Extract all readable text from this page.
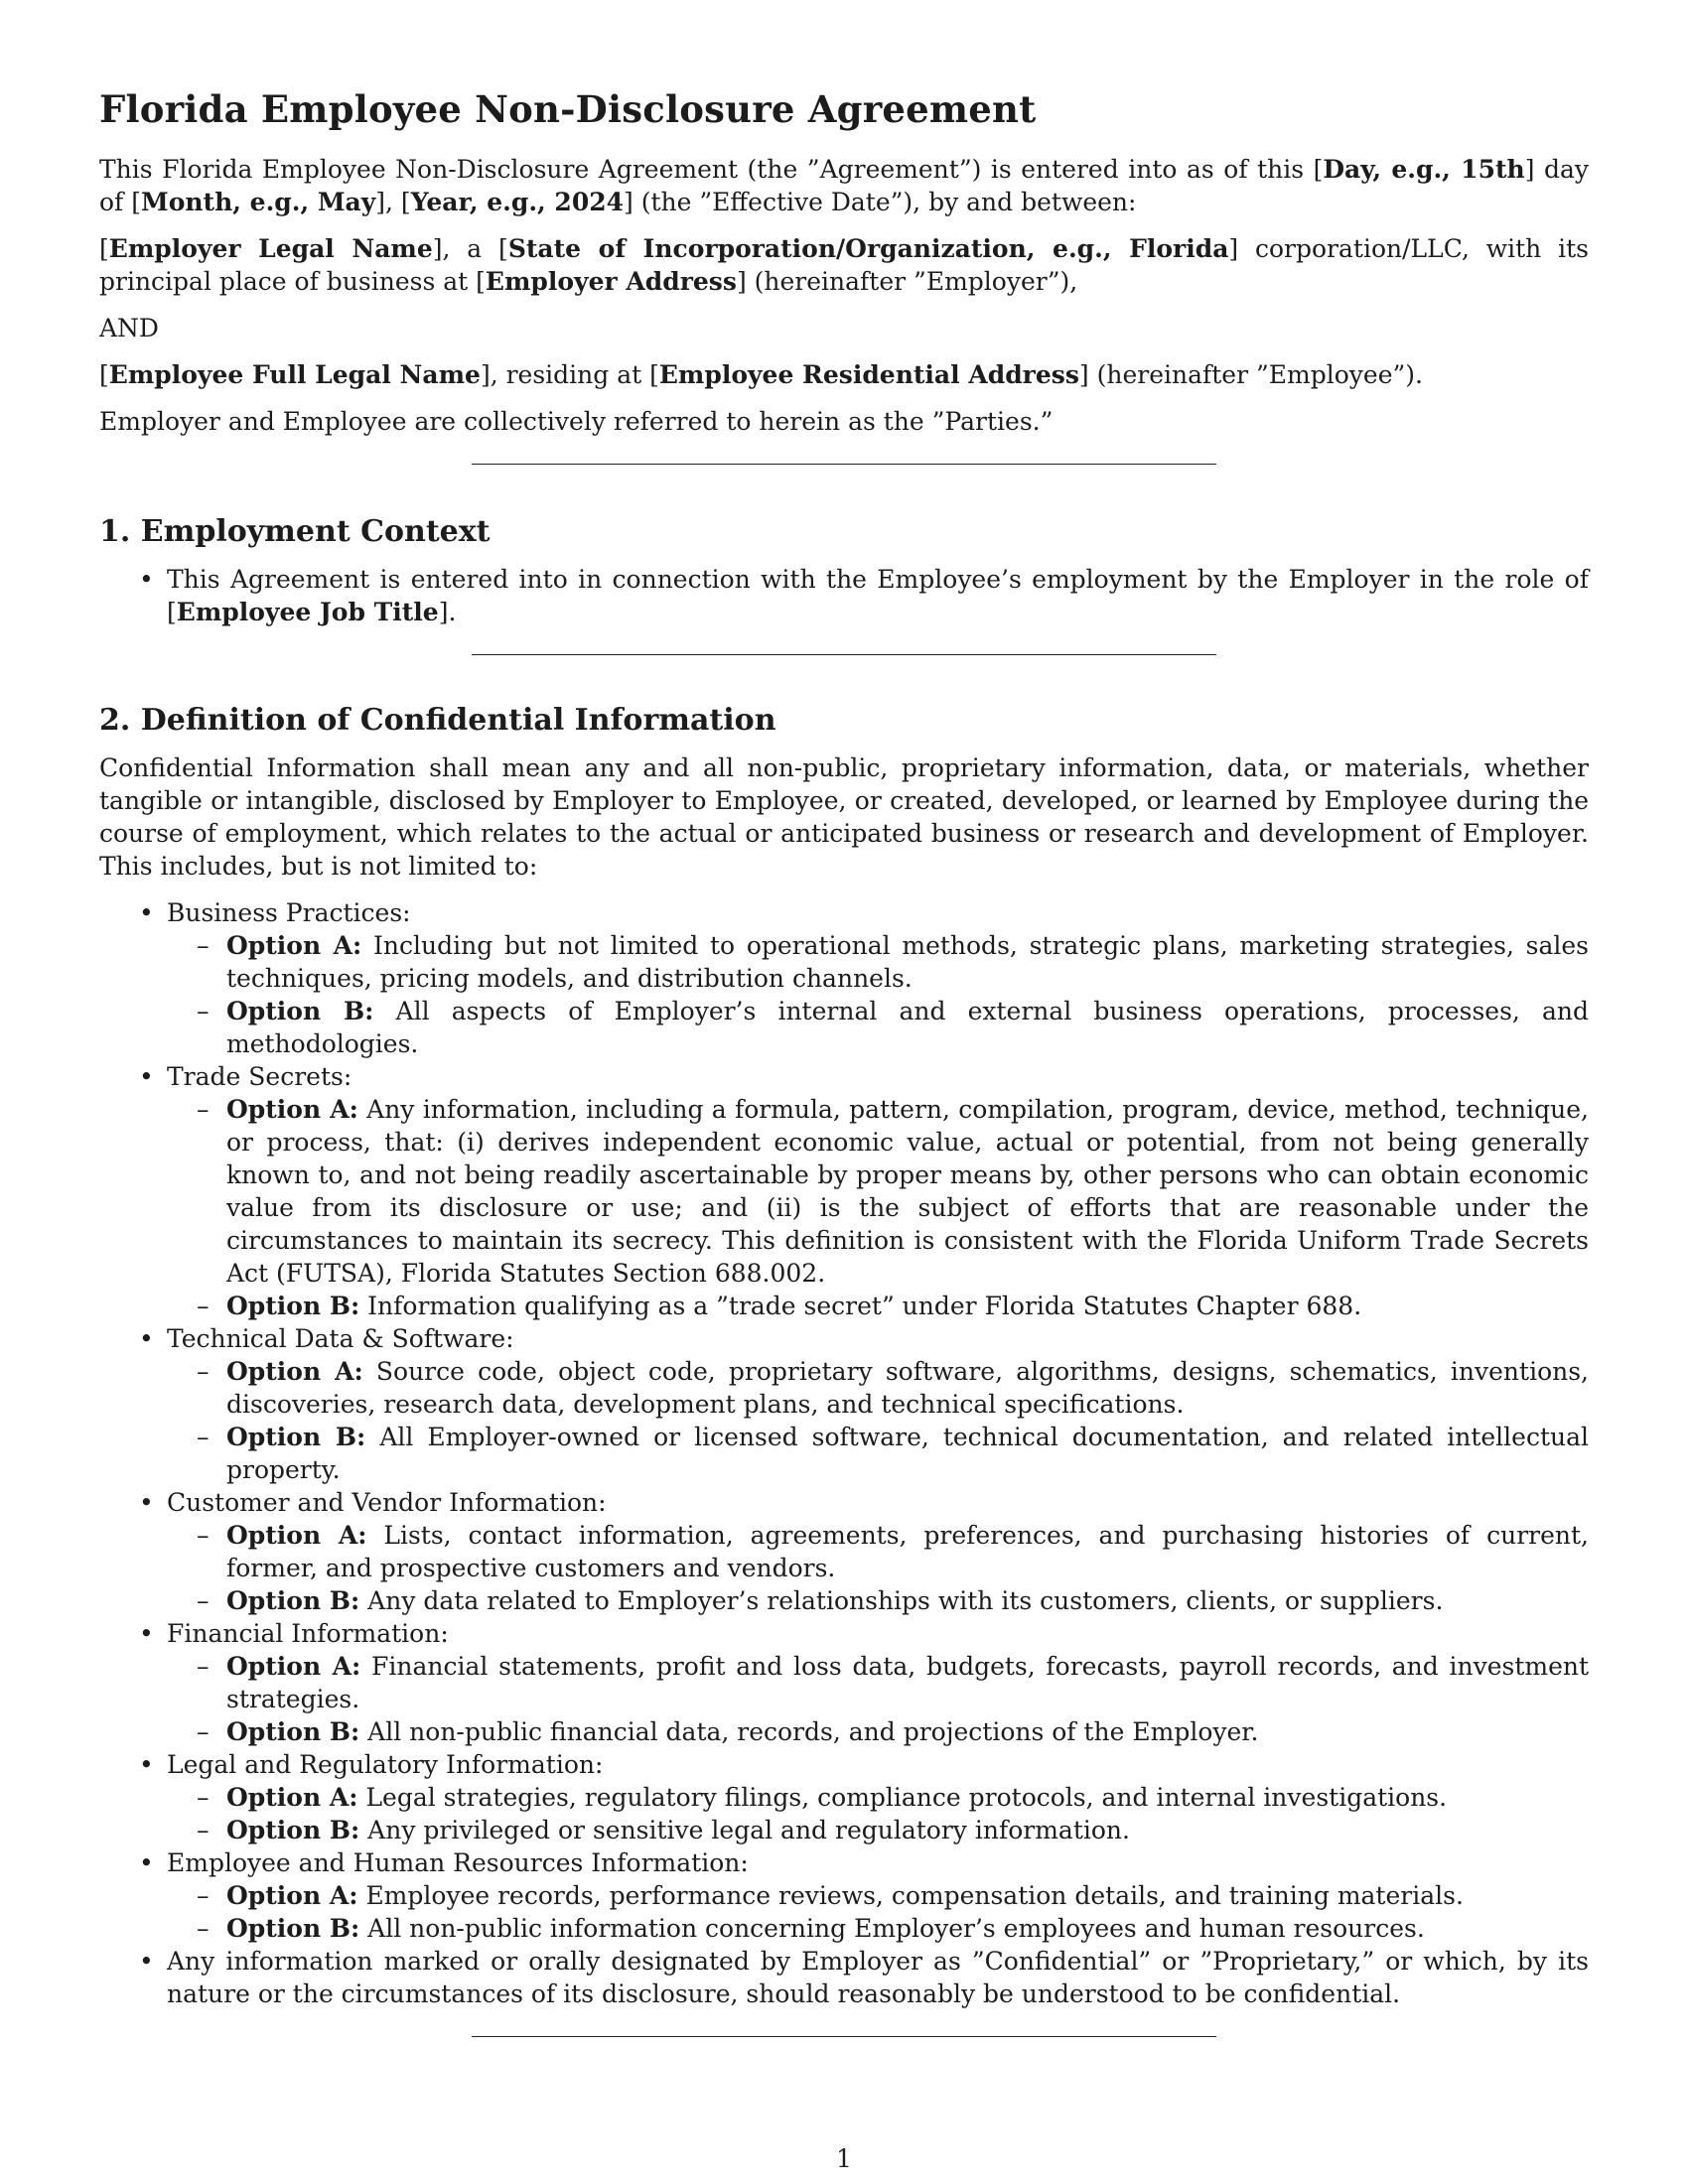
Florida Employee Non-Disclosure Agreement

This Florida Employee Non-Disclosure Agreement (the ”Agreement”) is entered into as of this [Day, e.g., 15th] day of [Month, e.g., May], [Year, e.g., 2024] (the ”Effective Date”), by and between:

[Employer Legal Name], a [State of Incorporation/Organization, e.g., Florida] corporation/LLC, with its principal place of business at [Employer Address] (hereinafter ”Employer”),

AND

[Employee Full Legal Name], residing at [Employee Residential Address] (hereinafter ”Employee”).

Employer and Employee are collectively referred to herein as the ”Parties.”

1. Employment Context
• This Agreement is entered into in connection with the Employee’s employment by the Employer in the role of [Employee Job Title].
2. Definition of Confidential Information

Confidential Information shall mean any and all non-public, proprietary information, data, or materials, whether tangible or intangible, disclosed by Employer to Employee, or created, developed, or learned by Employee during the course of employment, which relates to the actual or anticipated business or research and development of Employer. This includes, but is not limited to:

• Business Practices:
– Option A: Including but not limited to operational methods, strategic plans, marketing strategies, sales techniques, pricing models, and distribution channels.
– Option B: All aspects of Employer’s internal and external business operations, processes, and methodologies.
• Trade Secrets:
– Option A: Any information, including a formula, pattern, compilation, program, device, method, technique, or process, that: (i) derives independent economic value, actual or potential, from not being generally known to, and not being readily ascertainable by proper means by, other persons who can obtain economic value from its disclosure or use; and (ii) is the subject of efforts that are reasonable under the circumstances to maintain its secrecy. This definition is consistent with the Florida Uniform Trade Secrets Act (FUTSA), Florida Statutes Section 688.002.
– Option B: Information qualifying as a ”trade secret” under Florida Statutes Chapter 688.
• Technical Data & Software:
– Option A: Source code, object code, proprietary software, algorithms, designs, schematics, inventions, discoveries, research data, development plans, and technical specifications.
– Option B: All Employer-owned or licensed software, technical documentation, and related intellectual property.
• Customer and Vendor Information:
– Option A: Lists, contact information, agreements, preferences, and purchasing histories of current, former, and prospective customers and vendors.
– Option B: Any data related to Employer’s relationships with its customers, clients, or suppliers.
• Financial Information:
– Option A: Financial statements, profit and loss data, budgets, forecasts, payroll records, and investment strategies.
– Option B: All non-public financial data, records, and projections of the Employer.
• Legal and Regulatory Information:
– Option A: Legal strategies, regulatory filings, compliance protocols, and internal investigations.
– Option B: Any privileged or sensitive legal and regulatory information.
• Employee and Human Resources Information:
– Option A: Employee records, performance reviews, compensation details, and training materials.
– Option B: All non-public information concerning Employer’s employees and human resources.
• Any information marked or orally designated by Employer as ”Confidential” or ”Proprietary,” or which, by its nature or the circumstances of its disclosure, should reasonably be understood to be confidential.
1
